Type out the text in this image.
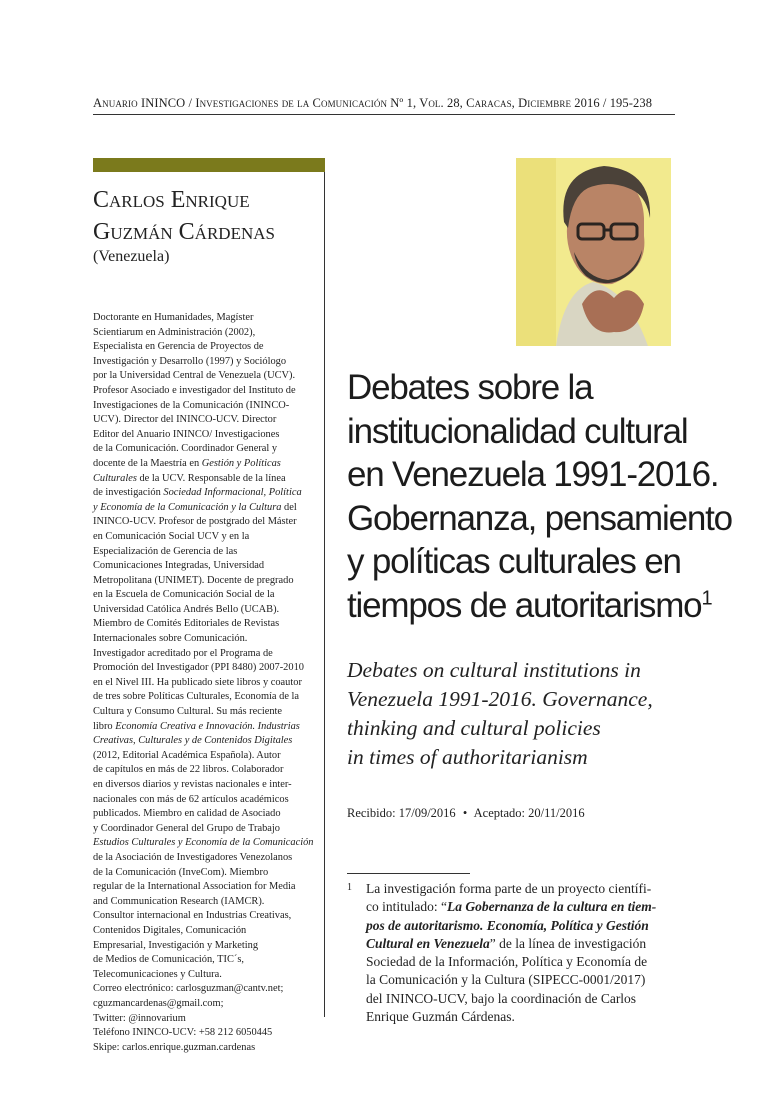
Anuario ININCO / Investigaciones de la Comunicación Nº 1, Vol. 28, Caracas, Diciembre 2016 / 195-238
Carlos Enrique
Guzmán Cárdenas
(Venezuela)
Doctorante en Humanidades, Magíster
Scientiarum en Administración (2002),
Especialista en Gerencia de Proyectos de
Investigación y Desarrollo (1997) y Sociólogo
por la Universidad Central de Venezuela (UCV).
Profesor Asociado e investigador del Instituto de
Investigaciones de la Comunicación (ININCO-
UCV). Director del ININCO-UCV. Director
Editor del Anuario ININCO/ Investigaciones
de la Comunicación. Coordinador General y
docente de la Maestría en Gestión y Políticas
Culturales de la UCV. Responsable de la línea
de investigación Sociedad Informacional, Política
y Economía de la Comunicación y la Cultura del
ININCO-UCV. Profesor de postgrado del Máster
en Comunicación Social UCV y en la
Especialización de Gerencia de las
Comunicaciones Integradas, Universidad
Metropolitana (UNIMET). Docente de pregrado
en la Escuela de Comunicación Social de la
Universidad Católica Andrés Bello (UCAB).
Miembro de Comités Editoriales de Revistas
Internacionales sobre Comunicación.
Investigador acreditado por el Programa de
Promoción del Investigador (PPI 8480) 2007-2010
en el Nivel III. Ha publicado siete libros y coautor
de tres sobre Políticas Culturales, Economía de la
Cultura y Consumo Cultural. Su más reciente
libro Economía Creativa e Innovación. Industrias
Creativas, Culturales y de Contenidos Digitales
(2012, Editorial Académica Española). Autor
de capítulos en más de 22 libros. Colaborador
en diversos diarios y revistas nacionales e inter-
nacionales con más de 62 artículos académicos
publicados. Miembro en calidad de Asociado
y Coordinador General del Grupo de Trabajo
Estudios Culturales y Economía de la Comunicación
de la Asociación de Investigadores Venezolanos
de la Comunicación (InveCom). Miembro
regular de la International Association for Media
and Communication Research (IAMCR).
Consultor internacional en Industrias Creativas,
Contenidos Digitales, Comunicación
Empresarial, Investigación y Marketing
de Medios de Comunicación, TIC´s,
Telecomunicaciones y Cultura.
Correo electrónico: carlosguzman@cantv.net;
cguzmancardenas@gmail.com;
Twitter: @innovarium
Teléfono ININCO-UCV: +58 212 6050445
Skipe: carlos.enrique.guzman.cardenas
Debates sobre la
institucionalidad cultural
en Venezuela 1991-2016.
Gobernanza, pensamiento
y políticas culturales en
tiempos de autoritarismo$^1$
Debates on cultural institutions in
Venezuela 1991-2016. Governance,
thinking and cultural policies
in times of authoritarianism
Recibido: 17/09/2016 • Aceptado: 20/11/2016
1 La investigación forma parte de un proyecto científi-
co intitulado: “La Gobernanza de la cultura en tiem-
pos de autoritarismo. Economía, Política y Gestión
Cultural en Venezuela” de la línea de investigación
Sociedad de la Información, Política y Economía de
la Comunicación y la Cultura (SIPECC-0001/2017)
del ININCO-UCV, bajo la coordinación de Carlos
Enrique Guzmán Cárdenas.
